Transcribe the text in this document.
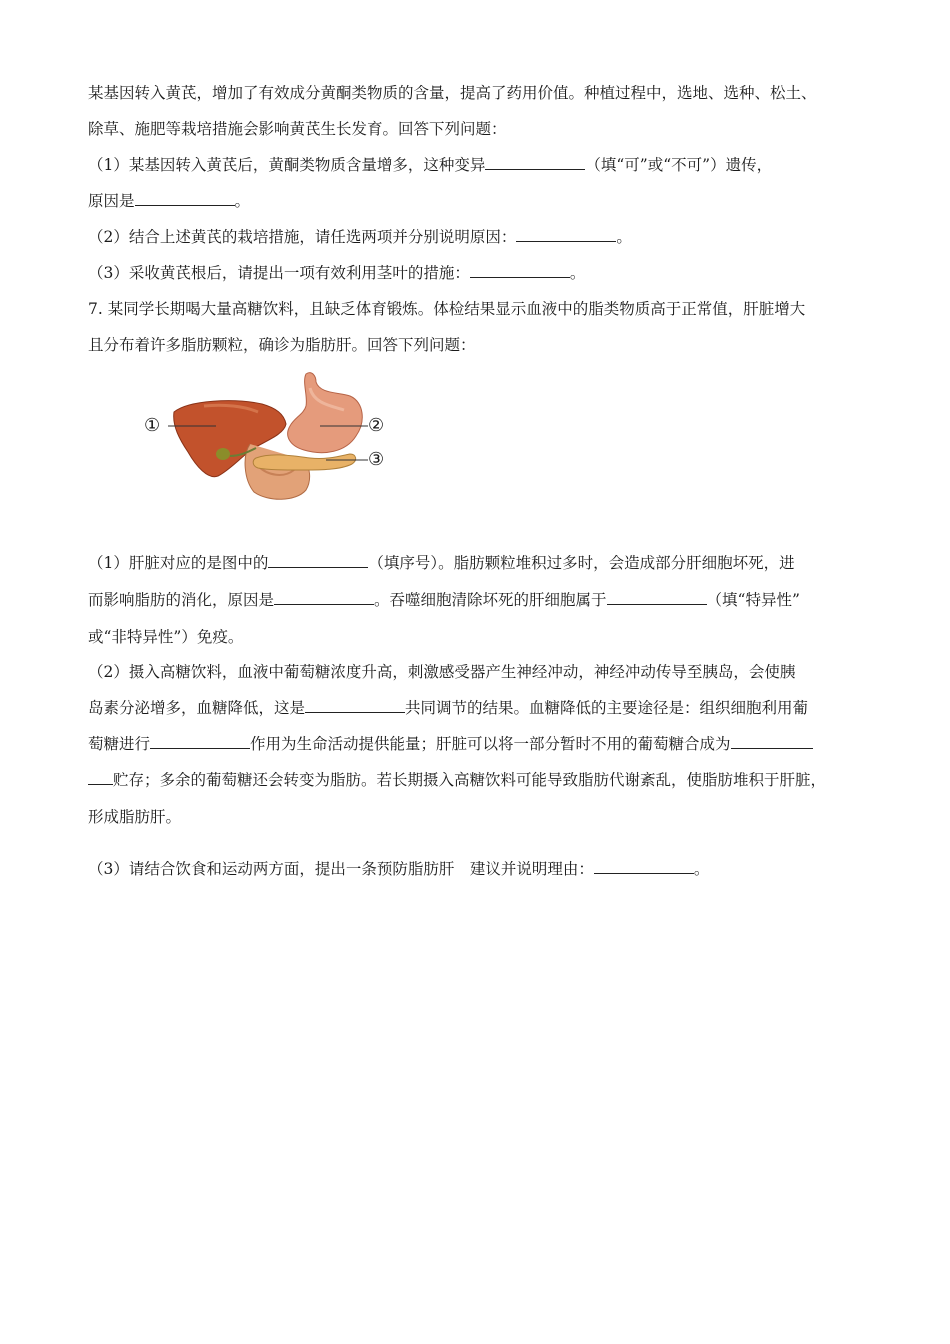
某基因转入黄芪，增加了有效成分黄酮类物质的含量，提高了药用价值。种植过程中，选地、选种、松土、
除草、施肥等栽培措施会影响黄芪生长发育。回答下列问题：
（1）某基因转入黄芪后，黄酮类物质含量增多，这种变异	（填“可”或“不可”）遗传，
原因是	。
（2）结合上述黄芪的栽培措施，请任选两项并分别说明原因：	。
（3）采收黄芪根后，请提出一项有效利用茎叶的措施：	。
7. 某同学长期喝大量高糖饮料，且缺乏体育锻炼。体检结果显示血液中的脂类物质高于正常值，肝脏增大
且分布着许多脂肪颗粒，确诊为脂肪肝。回答下列问题：
（1）肝脏对应的是图中的	（填序号）。脂肪颗粒堆积过多时，会造成部分肝细胞坏死，进
而影响脂肪的消化，原因是	。吞噬细胞清除坏死的肝细胞属于	（填“特异性”
或“非特异性”）免疫。
（2）摄入高糖饮料，血液中葡萄糖浓度升高，刺激感受器产生神经冲动，神经冲动传导至胰岛，会使胰
岛素分泌增多，血糖降低，这是	共同调节的结果。血糖降低的主要途径是：组织细胞利用葡
萄糖进行	作用为生命活动提供能量；肝脏可以将一部分暂时不用的葡萄糖合成为
贮存；多余的葡萄糖还会转变为脂肪。若长期摄入高糖饮料可能导致脂肪代谢紊乱，使脂肪堆积于肝脏，
形成脂肪肝。
（3）请结合饮食和运动两方面，提出一条预防脂肪肝　建议并说明理由：	。
①	②
③
